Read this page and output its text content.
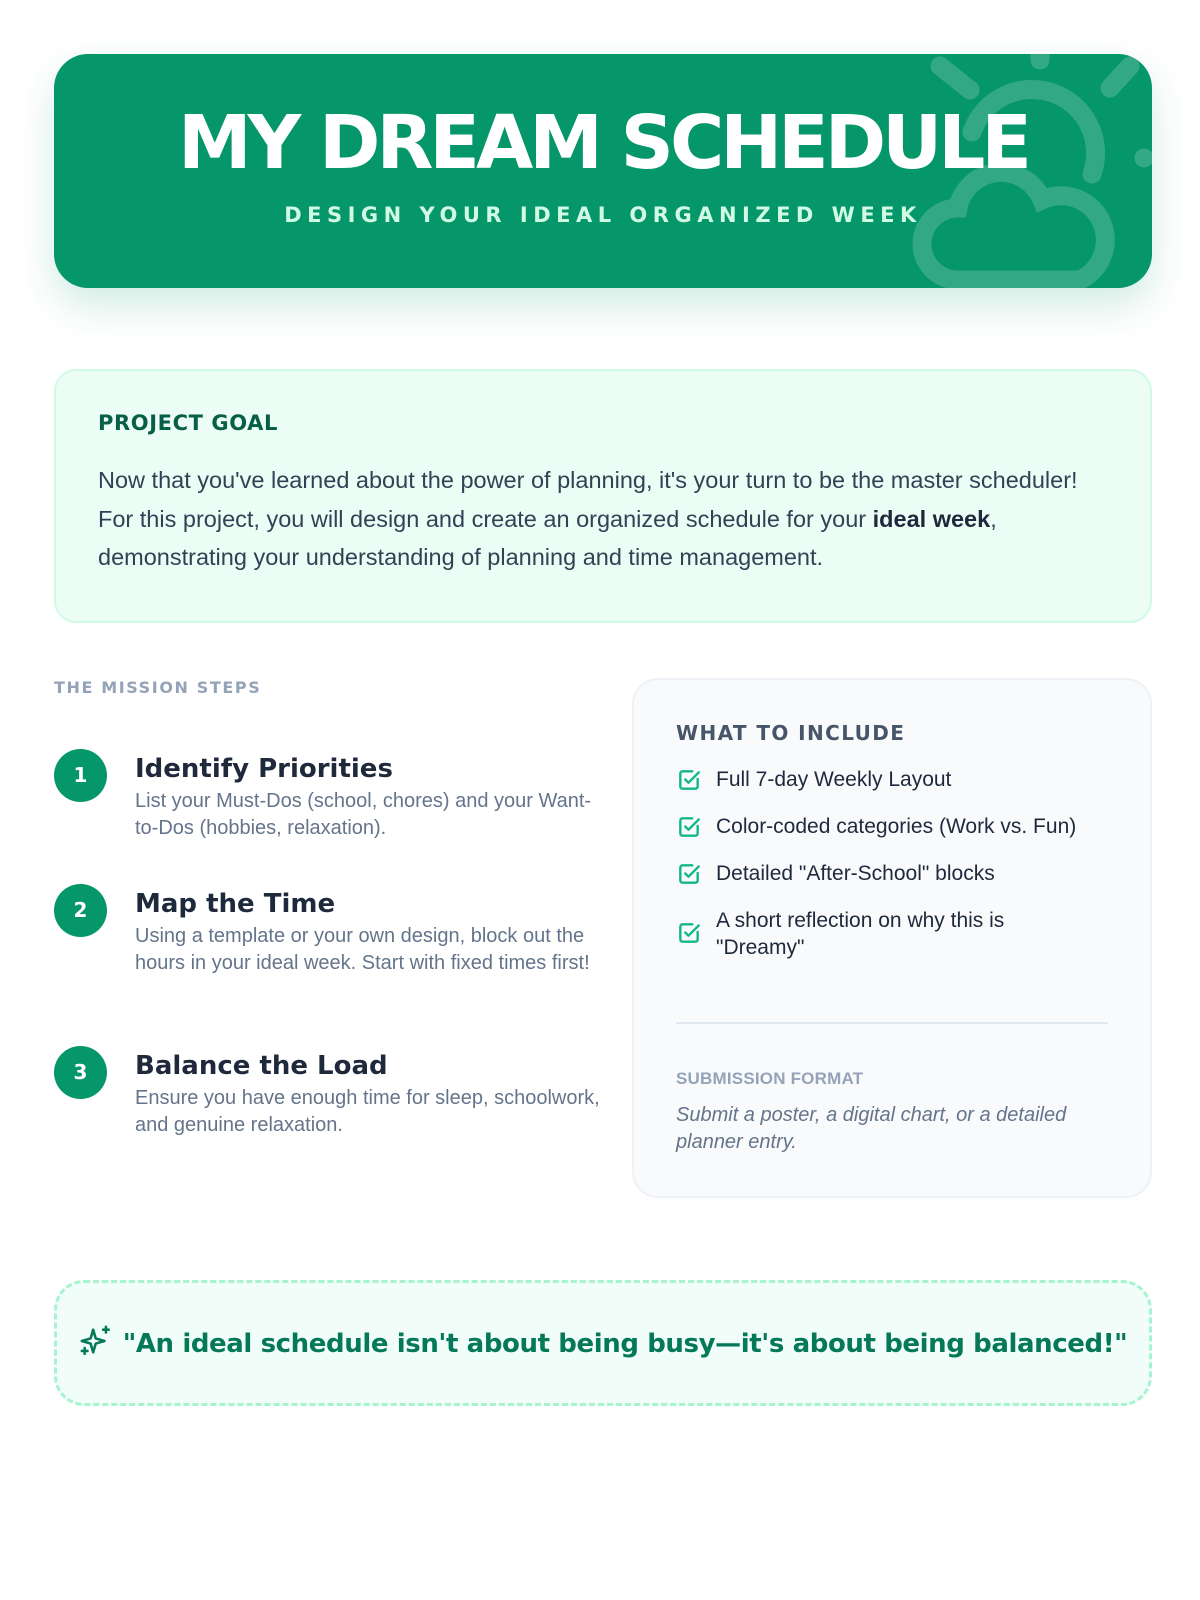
MY DREAM SCHEDULE
DESIGN YOUR IDEAL ORGANIZED WEEK
PROJECT GOAL

Now that you've learned about the power of planning, it's your turn to be the master scheduler! For this project, you will design and create an organized schedule for your ideal week, demonstrating your understanding of planning and time management.

THE MISSION STEPS
1	Identify Priorities
List your Must-Dos (school, chores) and your Want-to-Dos (hobbies, relaxation).
2	Map the Time
Using a template or your own design, block out the hours in your ideal week. Start with fixed times first!
3	Balance the Load
Ensure you have enough time for sleep, schoolwork, and genuine relaxation.
WHAT TO INCLUDE
Full 7-day Weekly Layout
Color-coded categories (Work vs. Fun)
Detailed "After-School" blocks
A short reflection on why this is "Dreamy"
SUBMISSION FORMAT
Submit a poster, a digital chart, or a detailed planner entry.
"An ideal schedule isn't about being busy—it's about being balanced!"
